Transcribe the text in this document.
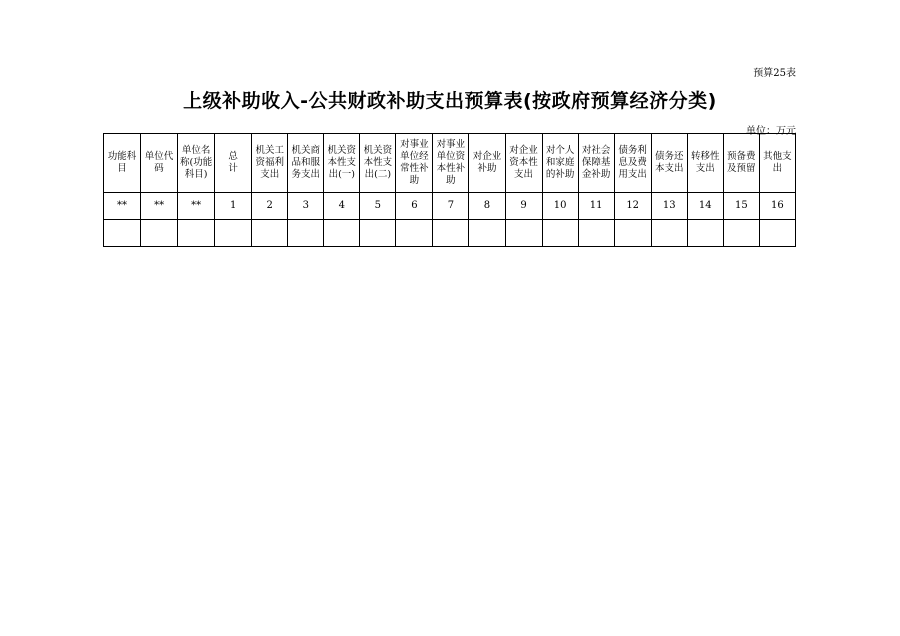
预算25表
上级补助收入-公共财政补助支出预算表(按政府预算经济分类)
单位：万元
功能科目	单位代码	单位名称(功能科目)	总计	机关工资福利支出	机关商品和服务支出	机关资本性支出(一)	机关资本性支出(二)	对事业单位经常性补助	对事业单位资本性补助	对企业补助	对企业资本性支出	对个人和家庭的补助	对社会保障基金补助	债务利息及费用支出	债务还本支出	转移性支出	预备费及预留	其他支出

**	**	**	1	2	3	4	5	6	7	8	9	10	11	12	13	14	15	16
